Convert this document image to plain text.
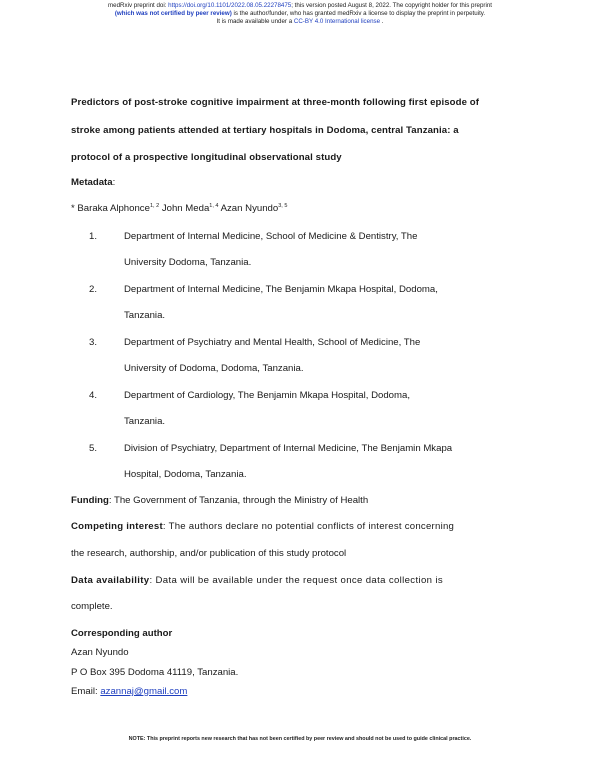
medRxiv preprint doi: https://doi.org/10.1101/2022.08.05.22278475; this version posted August 8, 2022. The copyright holder for this preprint
(which was not certified by peer review) is the author/funder, who has granted medRxiv a license to display the preprint in perpetuity.
It is made available under a CC-BY 4.0 International license .
Predictors of post-stroke cognitive impairment at three-month following first episode of
stroke among patients attended at tertiary hospitals in Dodoma, central Tanzania: a
protocol of a prospective longitudinal observational study
Metadata:
* Baraka Alphonce$^{1, 2}$ John Meda$^{1, 4}$ Azan Nyundo$^{3, 5}$
1.	Department of Internal Medicine, School of Medicine & Dentistry, The
University Dodoma, Tanzania.
2.	Department of Internal Medicine, The Benjamin Mkapa Hospital, Dodoma,
Tanzania.
3.	Department of Psychiatry and Mental Health, School of Medicine, The
University of Dodoma, Dodoma, Tanzania.
4.	Department of Cardiology, The Benjamin Mkapa Hospital, Dodoma,
Tanzania.
5.	Division of Psychiatry, Department of Internal Medicine, The Benjamin Mkapa
Hospital, Dodoma, Tanzania.
Funding: The Government of Tanzania, through the Ministry of Health
Competing interest: The authors declare no potential conflicts of interest concerning
the research, authorship, and/or publication of this study protocol
Data availability: Data will be available under the request once data collection is
complete.
Corresponding author
Azan Nyundo
P O Box 395 Dodoma 41119, Tanzania.
Email: azannaj@gmail.com
NOTE: This preprint reports new research that has not been certified by peer review and should not be used to guide clinical practice.
